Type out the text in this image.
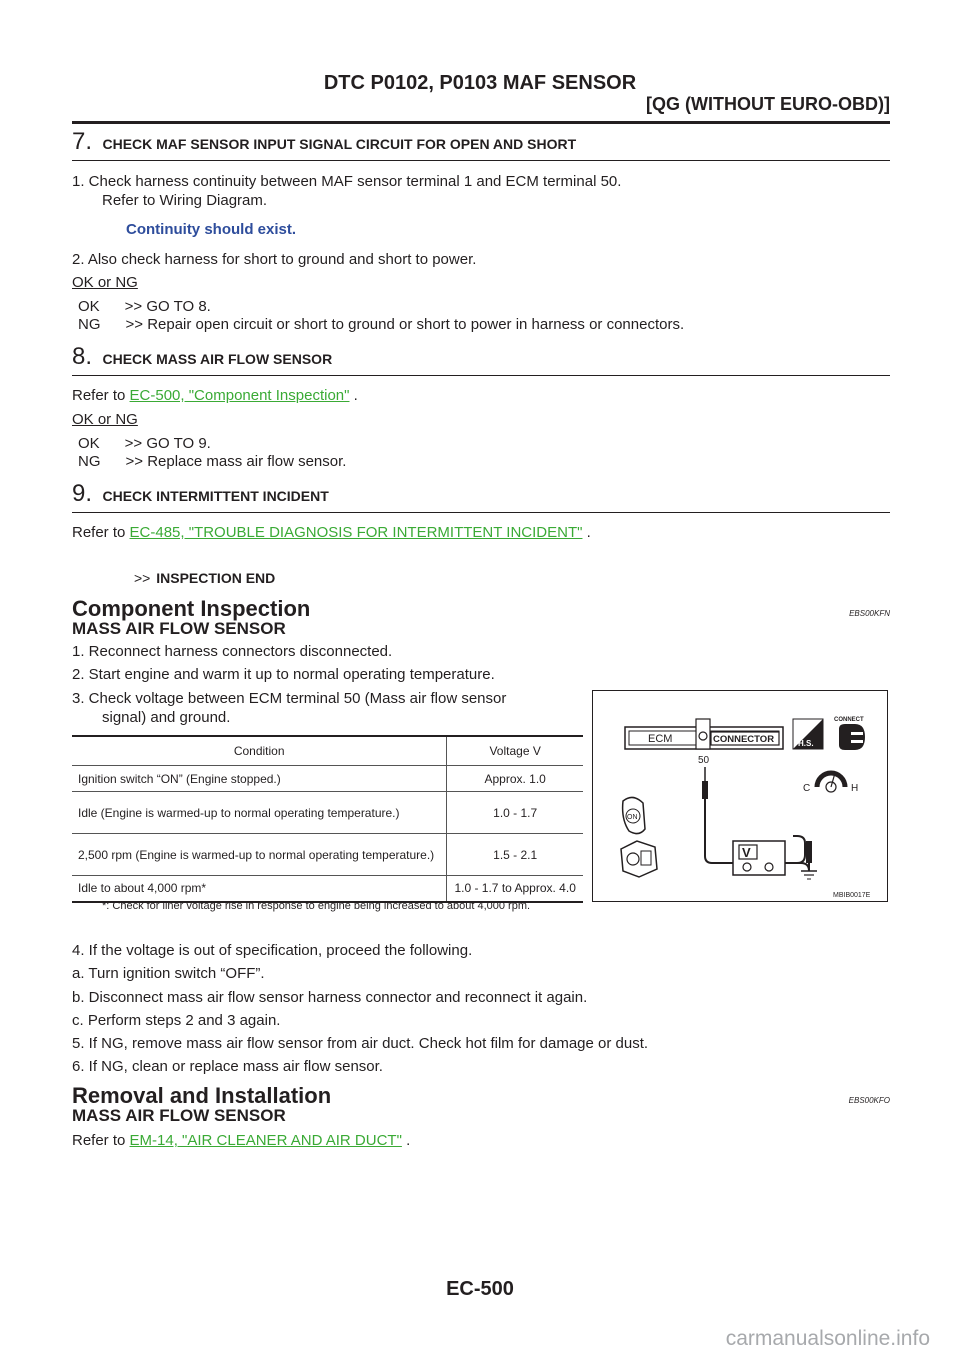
DTC P0102, P0103 MAF SENSOR
[QG (WITHOUT EURO-OBD)]
7. CHECK MAF SENSOR INPUT SIGNAL CIRCUIT FOR OPEN AND SHORT
1. Check harness continuity between MAF sensor terminal 1 and ECM terminal 50.
Refer to Wiring Diagram.
Continuity should exist.
2. Also check harness for short to ground and short to power.
OK or NG
OK      >> GO TO 8.
NG      >> Repair open circuit or short to ground or short to power in harness or connectors.
8. CHECK MASS AIR FLOW SENSOR
Refer to EC-500, "Component Inspection" .
OK or NG
OK      >> GO TO 9.
NG      >> Replace mass air flow sensor.
9. CHECK INTERMITTENT INCIDENT
Refer to EC-485, "TROUBLE DIAGNOSIS FOR INTERMITTENT INCIDENT" .
>> INSPECTION END
Component Inspection	EBS00KFN
MASS AIR FLOW SENSOR
1. Reconnect harness connectors disconnected.
2. Start engine and warm it up to normal operating temperature.
3. Check voltage between ECM terminal 50 (Mass air flow sensor
signal) and ground.
Condition	Voltage V
Ignition switch “ON” (Engine stopped.)	Approx. 1.0
Idle (Engine is warmed-up to normal operating temperature.)	1.0 - 1.7
2,500 rpm (Engine is warmed-up to normal operating temperature.)	1.5 - 2.1
Idle to about 4,000 rpm*	1.0 - 1.7 to Approx. 4.0
*: Check for liner voltage rise in response to engine being increased to about 4,000 rpm.
ECM	CONNECTOR
50
V
H.S.
CONNECT
C	H
ON
MBIB0017E
4. If the voltage is out of specification, proceed the following.
a. Turn ignition switch “OFF”.
b. Disconnect mass air flow sensor harness connector and reconnect it again.
c. Perform steps 2 and 3 again.
5. If NG, remove mass air flow sensor from air duct. Check hot film for damage or dust.
6. If NG, clean or replace mass air flow sensor.
Removal and Installation	EBS00KFO
MASS AIR FLOW SENSOR
Refer to EM-14, "AIR CLEANER AND AIR DUCT" .
EC-500
carmanualsonline.info
